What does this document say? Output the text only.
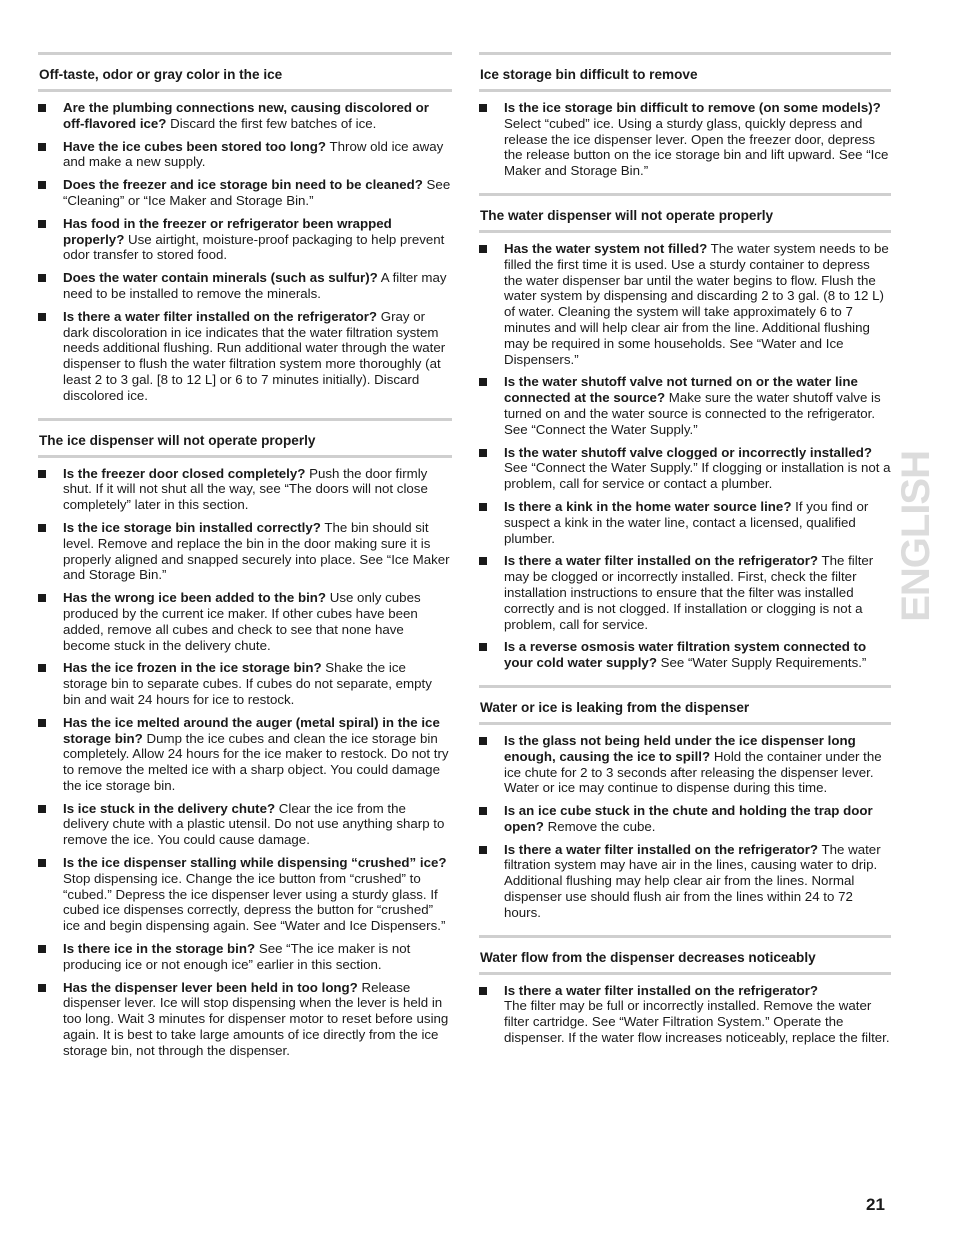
Off-taste, odor or gray color in the ice
Are the plumbing connections new, causing discolored or off-flavored ice? Discard the first few batches of ice.
Have the ice cubes been stored too long? Throw old ice away and make a new supply.
Does the freezer and ice storage bin need to be cleaned? See “Cleaning” or “Ice Maker and Storage Bin.”
Has food in the freezer or refrigerator been wrapped properly? Use airtight, moisture-proof packaging to help prevent odor transfer to stored food.
Does the water contain minerals (such as sulfur)? A filter may need to be installed to remove the minerals.
Is there a water filter installed on the refrigerator? Gray or dark discoloration in ice indicates that the water filtration system needs additional flushing. Run additional water through the water dispenser to flush the water filtration system more thoroughly (at least 2 to 3 gal. [8 to 12 L] or 6 to 7 minutes initially). Discard discolored ice.
The ice dispenser will not operate properly
Is the freezer door closed completely? Push the door firmly shut. If it will not shut all the way, see “The doors will not close completely” later in this section.
Is the ice storage bin installed correctly? The bin should sit level. Remove and replace the bin in the door making sure it is properly aligned and snapped securely into place. See “Ice Maker and Storage Bin.”
Has the wrong ice been added to the bin? Use only cubes produced by the current ice maker. If other cubes have been added, remove all cubes and check to see that none have become stuck in the delivery chute.
Has the ice frozen in the ice storage bin? Shake the ice storage bin to separate cubes. If cubes do not separate, empty bin and wait 24 hours for ice to restock.
Has the ice melted around the auger (metal spiral) in the ice storage bin? Dump the ice cubes and clean the ice storage bin completely. Allow 24 hours for the ice maker to restock. Do not try to remove the melted ice with a sharp object. You could damage the ice storage bin.
Is ice stuck in the delivery chute? Clear the ice from the delivery chute with a plastic utensil. Do not use anything sharp to remove the ice. You could cause damage.
Is the ice dispenser stalling while dispensing “crushed” ice? Stop dispensing ice. Change the ice button from “crushed” to “cubed.” Depress the ice dispenser lever using a sturdy glass. If cubed ice dispenses correctly, depress the button for “crushed” ice and begin dispensing again. See “Water and Ice Dispensers.”
Is there ice in the storage bin? See “The ice maker is not producing ice or not enough ice” earlier in this section.
Has the dispenser lever been held in too long? Release dispenser lever. Ice will stop dispensing when the lever is held in too long. Wait 3 minutes for dispenser motor to reset before using again. It is best to take large amounts of ice directly from the ice storage bin, not through the dispenser.
Ice storage bin difficult to remove
Is the ice storage bin difficult to remove (on some models)? Select “cubed” ice. Using a sturdy glass, quickly depress and release the ice dispenser lever. Open the freezer door, depress the release button on the ice storage bin and lift upward. See “Ice Maker and Storage Bin.”
The water dispenser will not operate properly
Has the water system not filled? The water system needs to be filled the first time it is used. Use a sturdy container to depress the water dispenser bar until the water begins to flow. Flush the water system by dispensing and discarding 2 to 3 gal. (8 to 12 L) of water. Cleaning the system will take approximately 6 to 7 minutes and will help clear air from the line. Additional flushing may be required in some households. See “Water and Ice Dispensers.”
Is the water shutoff valve not turned on or the water line connected at the source? Make sure the water shutoff valve is turned on and the water source is connected to the refrigerator. See “Connect the Water Supply.”
Is the water shutoff valve clogged or incorrectly installed? See “Connect the Water Supply.” If clogging or installation is not a problem, call for service or contact a plumber.
Is there a kink in the home water source line? If you find or suspect a kink in the water line, contact a licensed, qualified plumber.
Is there a water filter installed on the refrigerator? The filter may be clogged or incorrectly installed. First, check the filter installation instructions to ensure that the filter was installed correctly and is not clogged. If installation or clogging is not a problem, call for service.
Is a reverse osmosis water filtration system connected to your cold water supply? See “Water Supply Requirements.”
Water or ice is leaking from the dispenser
Is the glass not being held under the ice dispenser long enough, causing the ice to spill? Hold the container under the ice chute for 2 to 3 seconds after releasing the dispenser lever. Water or ice may continue to dispense during this time.
Is an ice cube stuck in the chute and holding the trap door open? Remove the cube.
Is there a water filter installed on the refrigerator? The water filtration system may have air in the lines, causing water to drip. Additional flushing may help clear air from the lines. Normal dispenser use should flush air from the lines within 24 to 72 hours.
Water flow from the dispenser decreases noticeably
Is there a water filter installed on the refrigerator?
The filter may be full or incorrectly installed. Remove the water filter cartridge. See “Water Filtration System.” Operate the dispenser. If the water flow increases noticeably, replace the filter.
ENGLISH
21
